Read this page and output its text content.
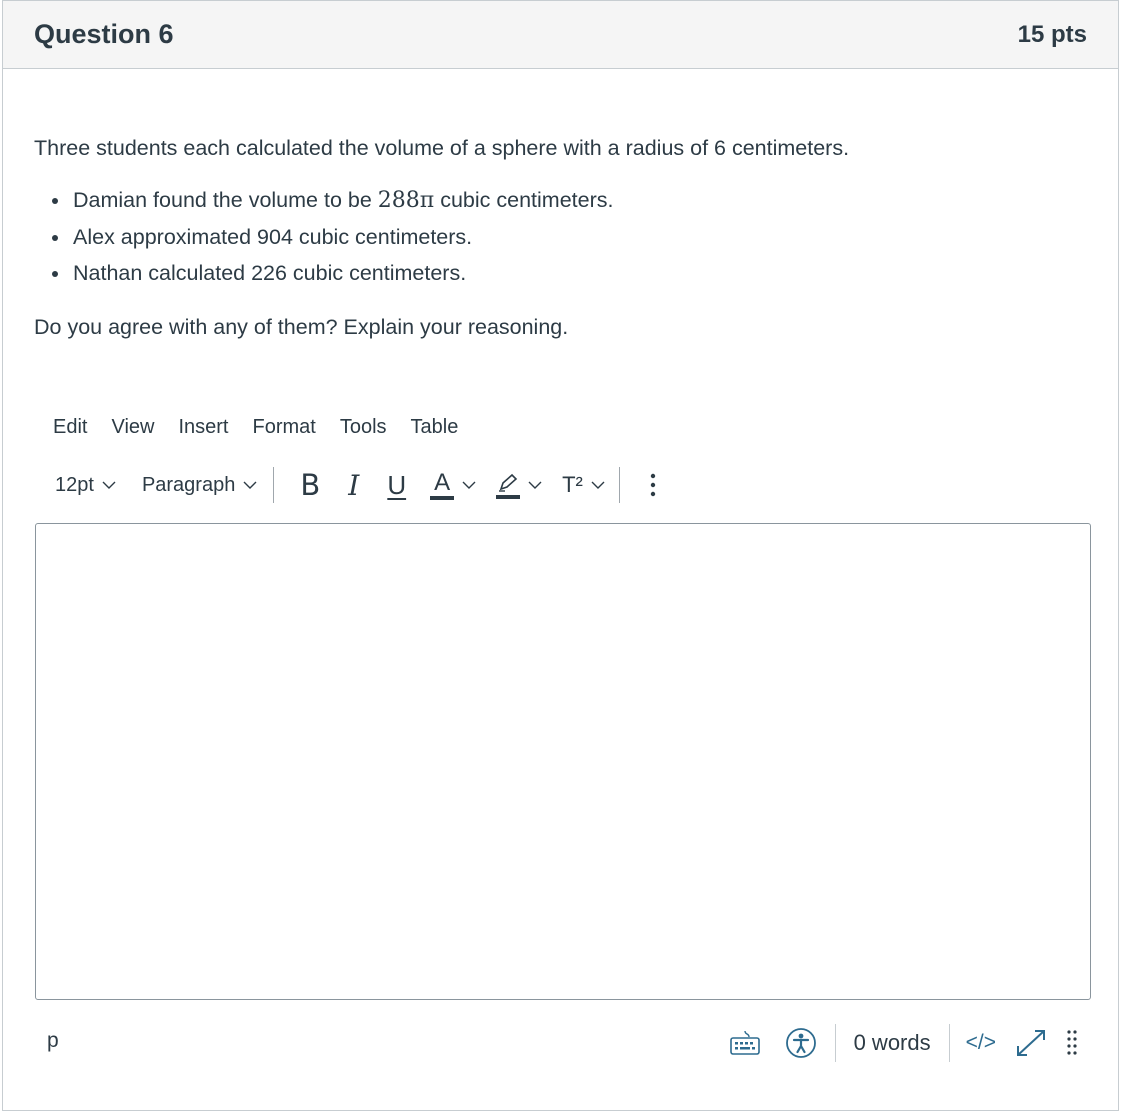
Question 6	15 pts

Three students each calculated the volume of a sphere with a radius of 6 centimeters.

• Damian found the volume to be 288π cubic centimeters.
• Alex approximated 904 cubic centimeters.
• Nathan calculated 226 cubic centimeters.

Do you agree with any of them? Explain your reasoning.

Edit	View	Insert	Format	Tools	Table
12pt Paragraph B I U A	T²
p	0 words	</>
